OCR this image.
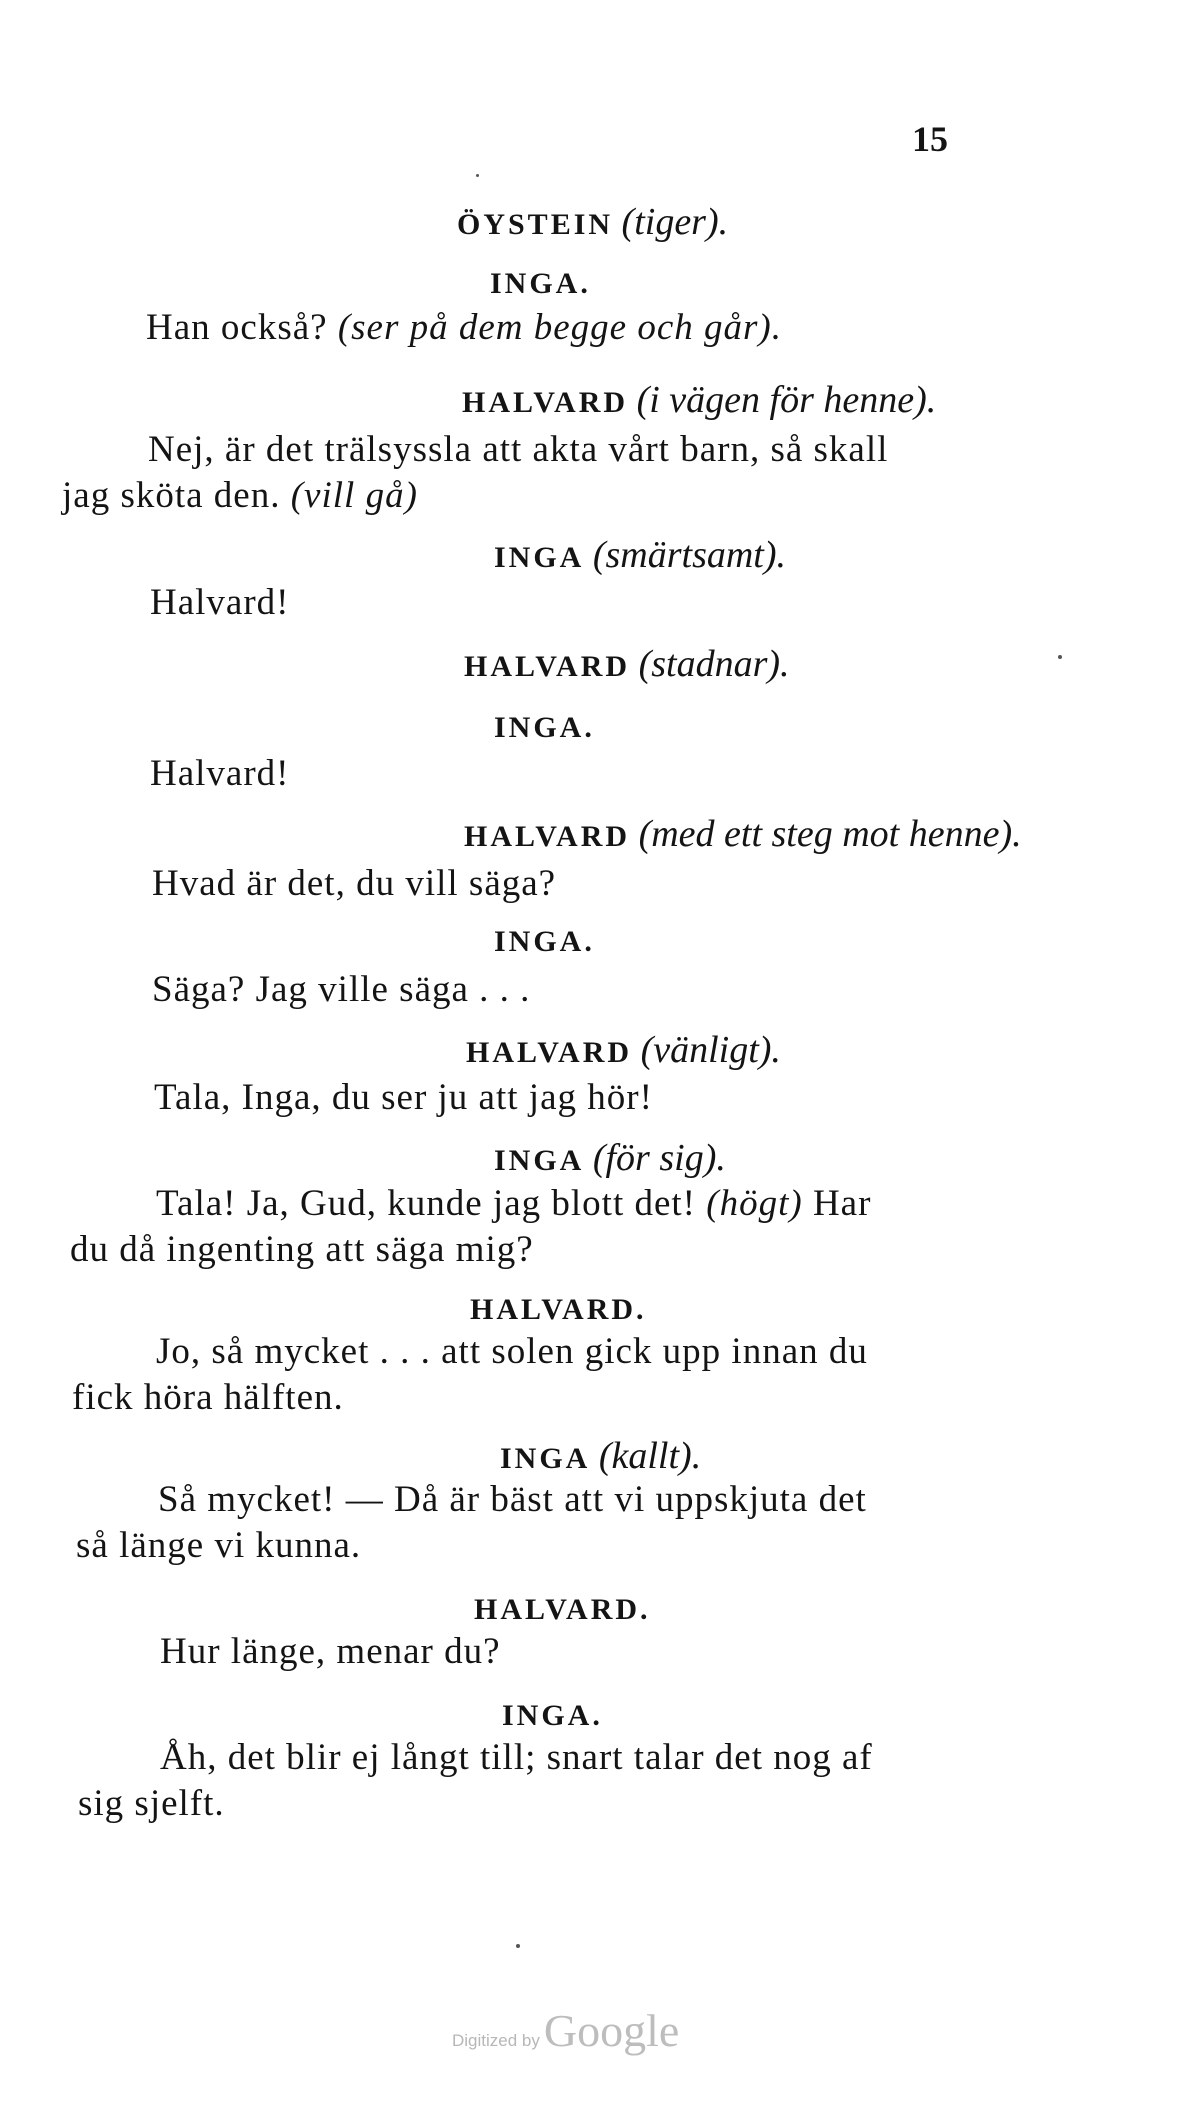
15
ÖYSTEIN (tiger).
INGA.
Han också? (ser på dem begge och går).
HALVARD (i vägen för henne).
Nej, är det trälsyssla att akta vårt barn, så skall
jag sköta den. (vill gå)
INGA (smärtsamt).
Halvard!
HALVARD (stadnar).
INGA.
Halvard!
HALVARD (med ett steg mot henne).
Hvad är det, du vill säga?
INGA.
Säga? Jag ville säga . . .
HALVARD (vänligt).
Tala, Inga, du ser ju att jag hör!
INGA (för sig).
Tala! Ja, Gud, kunde jag blott det! (högt) Har
du då ingenting att säga mig?
HALVARD.
Jo, så mycket . . . att solen gick upp innan du
fick höra hälften.
INGA (kallt).
Så mycket! — Då är bäst att vi uppskjuta det
så länge vi kunna.
HALVARD.
Hur länge, menar du?
INGA.
Åh, det blir ej långt till; snart talar det nog af
sig sjelft.
Digitized by Google
